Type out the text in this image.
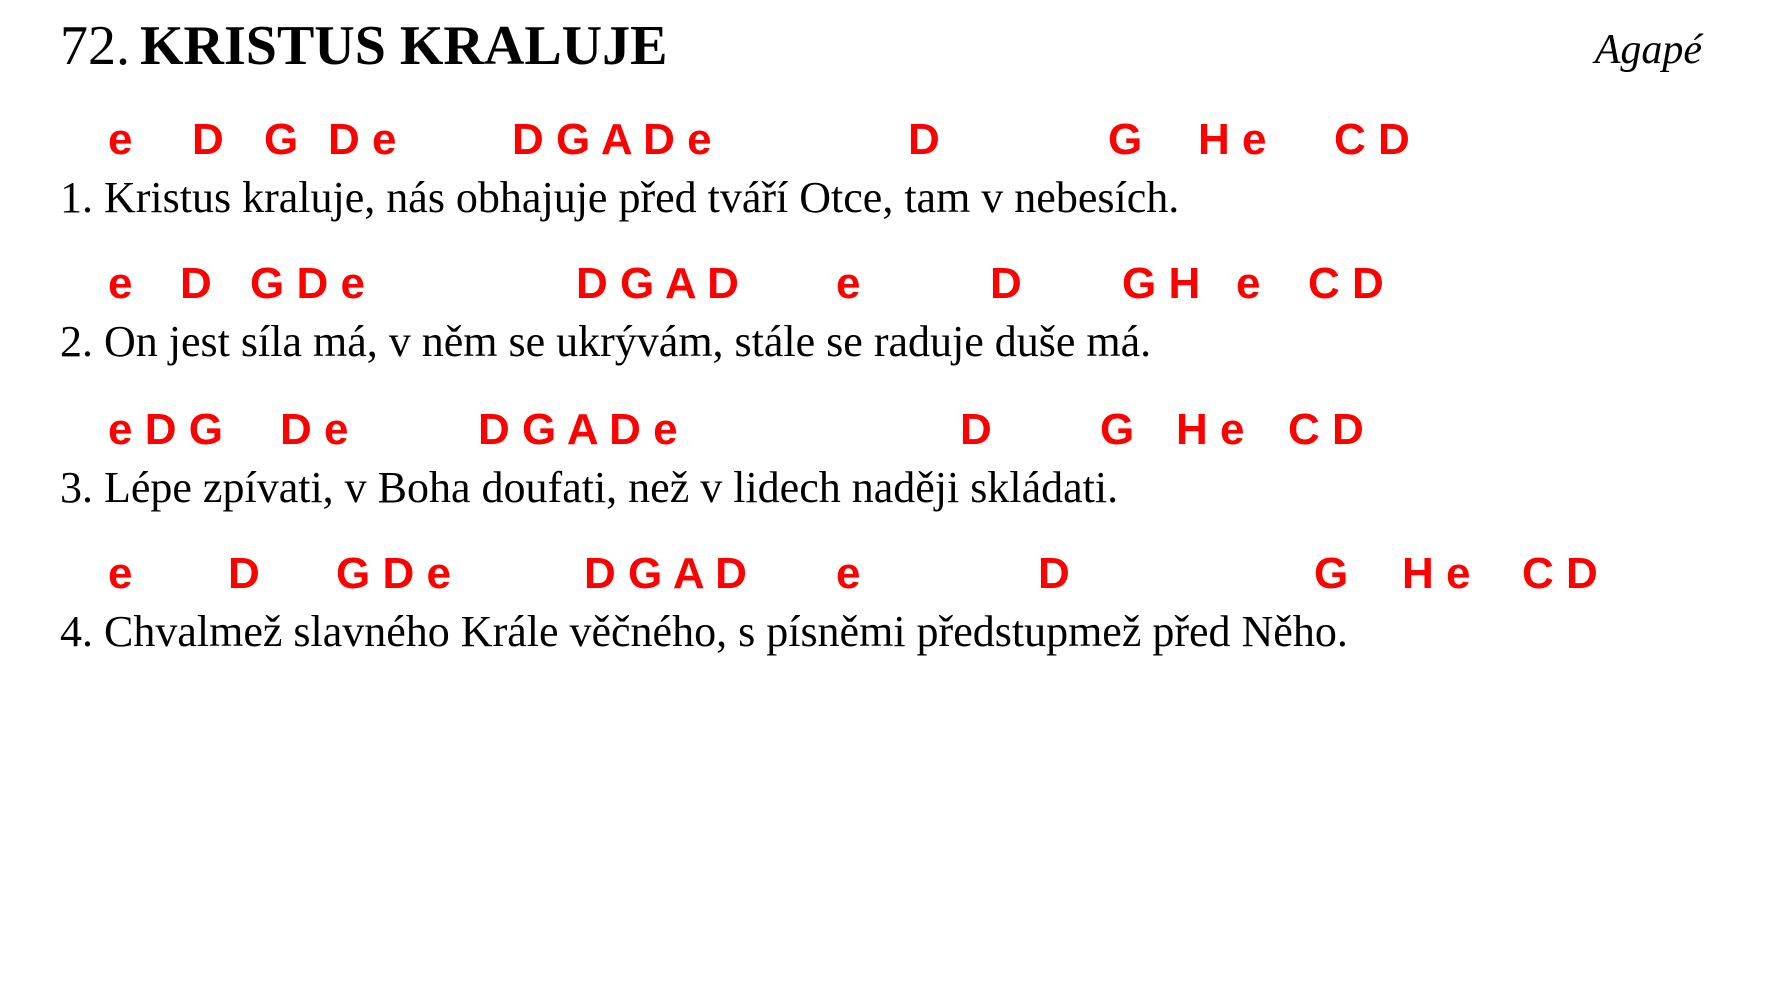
72. KRISTUS KRALUJE	Agapé
e D G D e	D G A D e	D	G H e C D
1. Kristus kraluje, nás obhajuje před tváří Otce, tam v nebesích.
e D G D e	D G A D e	D G H e C D
2. On jest síla má, v něm se ukrývám, stále se raduje duše má.
e D G D e	D G A D e	D G H e C D
3. Lépe zpívati, v Boha doufati, než v lidech naději skládati.
e D G D e	D G A D e	D	G H e C D
4. Chvalmež slavného Krále věčného, s písněmi předstupmež před Něho.
